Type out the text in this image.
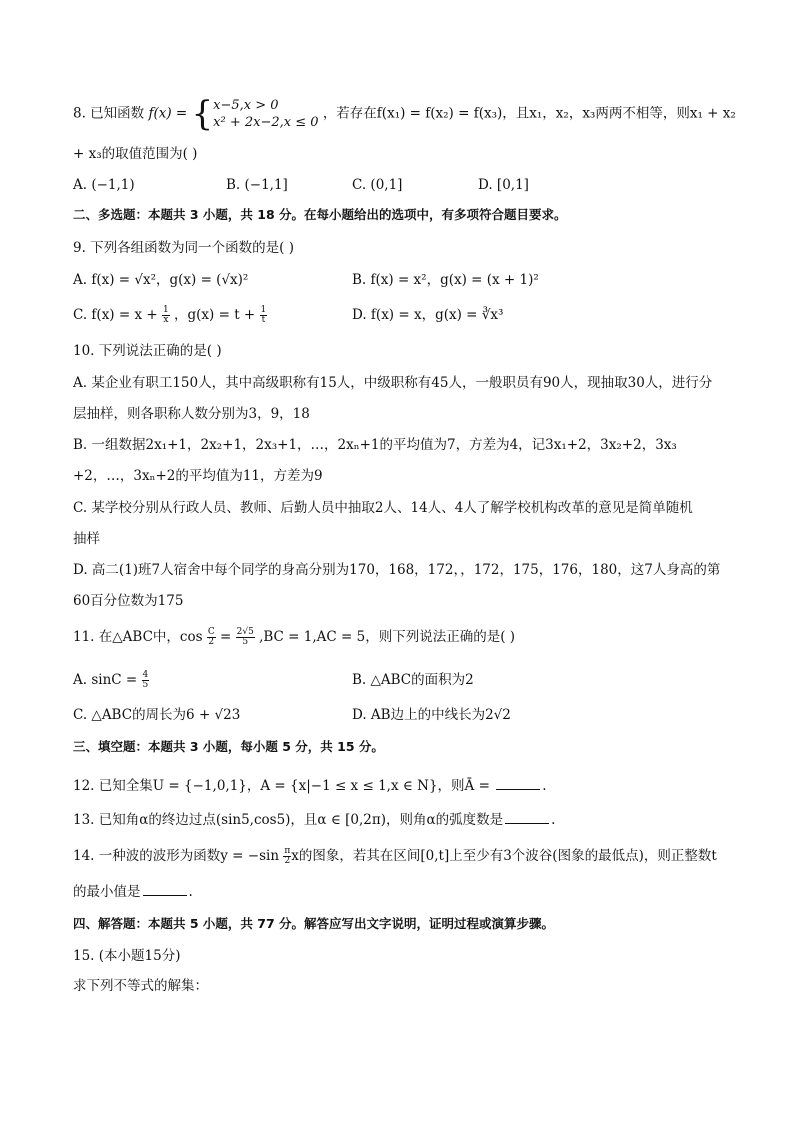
8. 已知函数 f(x) = { x−5,x > 0
x² + 2x−2,x ≤ 0
，若存在f(x₁) = f(x₂) = f(x₃)，且x₁，x₂，x₃两两不相等，则x₁ + x₂
+ x₃的取值范围为( )
A. (−1,1)	B. (−1,1]	C. (0,1]	D. [0,1]
二、多选题：本题共 3 小题，共 18 分。在每小题给出的选项中，有多项符合题目要求。
9. 下列各组函数为同一个函数的是( )
A. f(x) = √x²，g(x) = (√x)²	B. f(x) = x²，g(x) = (x + 1)²
C. $f(x) = x + \frac{1}{x}$ ，$g(x) = t + \frac{1}{t}$	D. f(x) = x，g(x) = ∛x³
10. 下列说法正确的是( )
A. 某企业有职工150人，其中高级职称有15人，中级职称有45人，一般职员有90人，现抽取30人，进行分
层抽样，则各职称人数分别为3，9，18
B. 一组数据2x₁+1，2x₂+1，2x₃+1，…，2xₙ+1的平均值为7，方差为4，记3x₁+2，3x₂+2，3x₃
+2，…，3xₙ+2的平均值为11，方差为9
C. 某学校分别从行政人员、教师、后勤人员中抽取2人、14人、4人了解学校机构改革的意见是简单随机
抽样
D. 高二(1)班7人宿舍中每个同学的身高分别为170，168，172，，172，175，176，180，这7人身高的第
60百分位数为175
11. 在△ABC中，$\cos \frac{C}{2} = \frac{2√5}{5} ,BC = 1,AC = 5$，则下列说法正确的是( )
A. $\sin C = \frac{4}{5}$	B. △ABC的面积为2
C. △ABC的周长为6 + √23	D. AB边上的中线长为2√2
三、填空题：本题共 3 小题，每小题 5 分，共 15 分。
12. 已知全集U = {−1,0,1}，A = {x|−1 ≤ x ≤ 1,x ∈ N}，则Ā =	.
13. 已知角α的终边过点(sin5,cos5)，且α ∈ [0,2π)，则角α的弧度数是	.
14. 一种波的波形为函数$y = -\sin \frac{\pi}{2}$ x的图象，若其在区间[0,t]上至少有3个波谷(图象的最低点)，则正整数t
的最小值是	.
四、解答题：本题共 5 小题，共 77 分。解答应写出文字说明，证明过程或演算步骤。
15. (本小题15分)
求下列不等式的解集：
